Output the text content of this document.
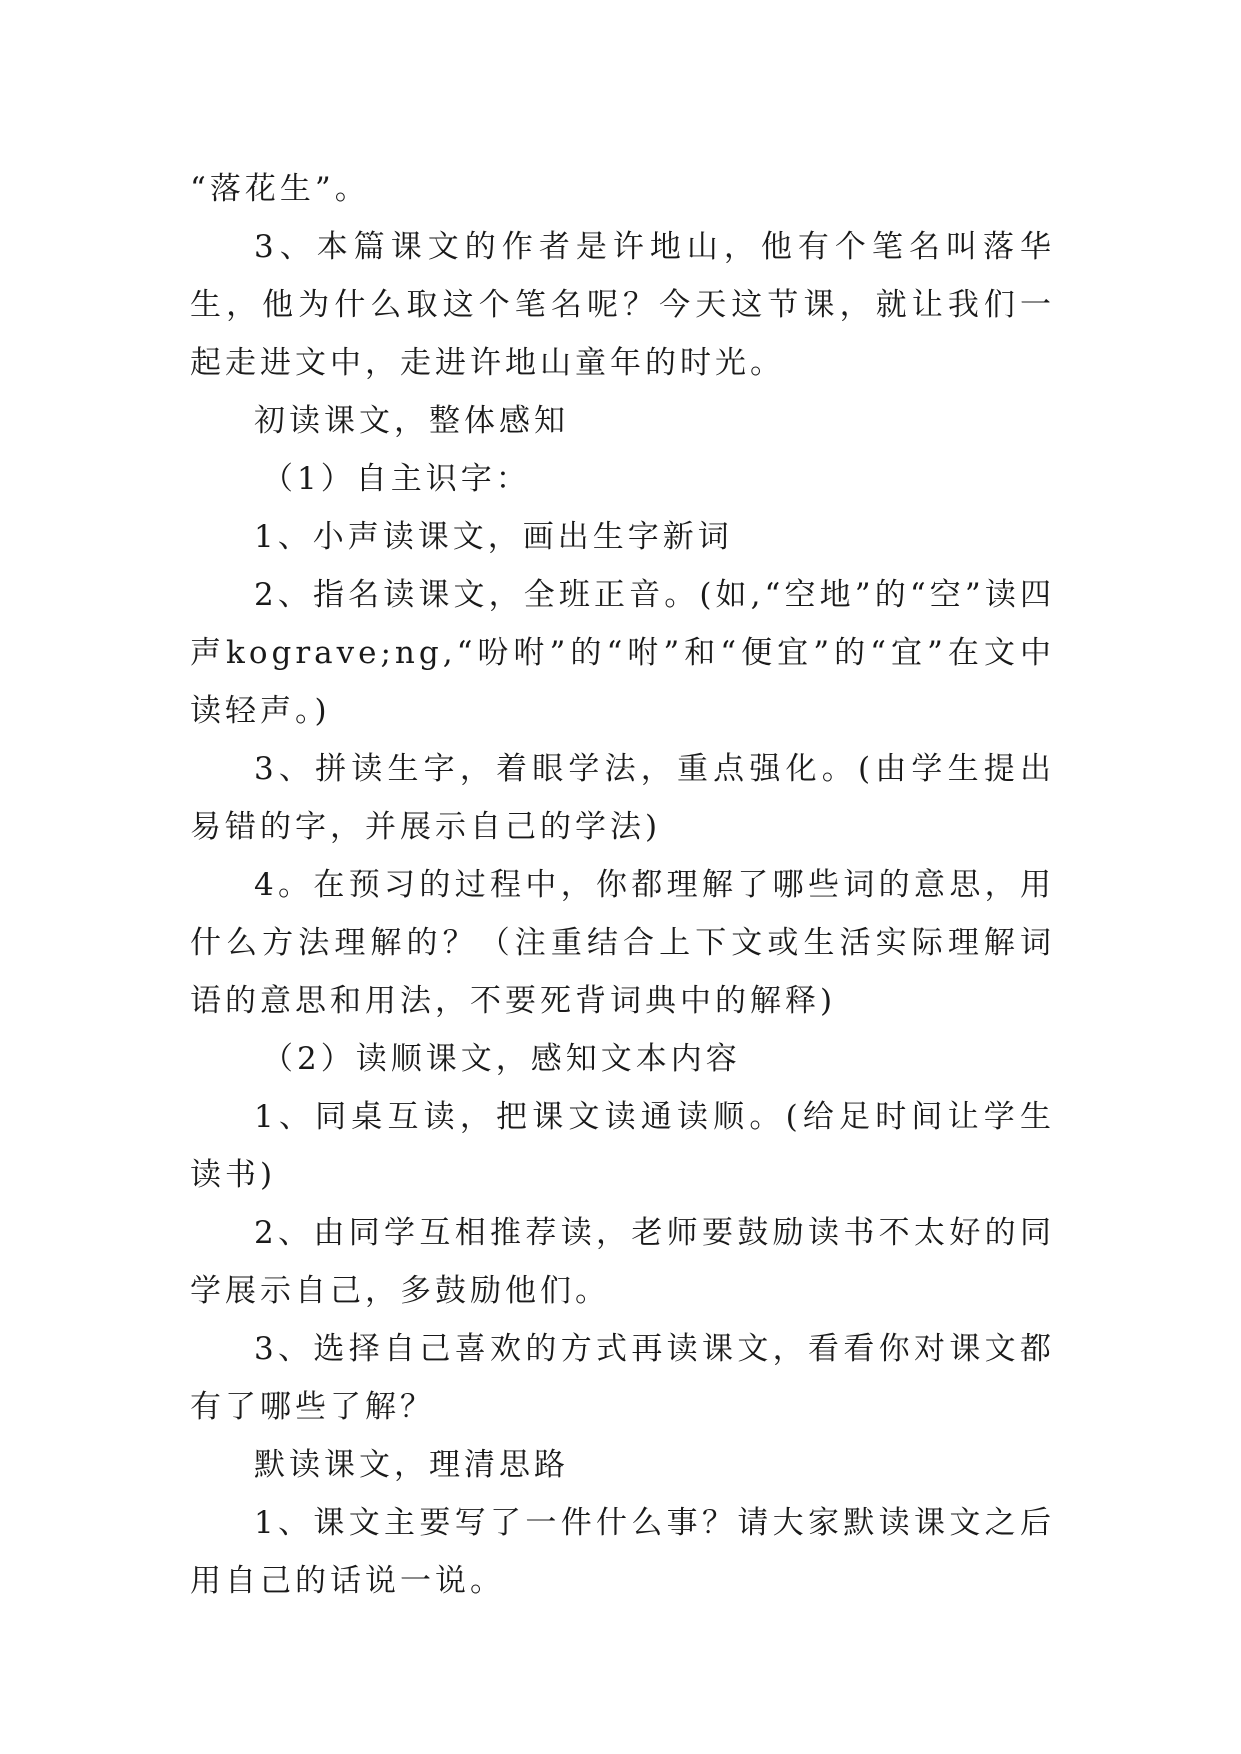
“落花生”。

3、本篇课文的作者是许地山，他有个笔名叫落华生，他为什么取这个笔名呢？今天这节课，就让我们一起走进文中，走进许地山童年的时光。

初读课文，整体感知

（1）自主识字：

1、小声读课文，画出生字新词

2、指名读课文，全班正音。(如,“空地”的“空”读四声kograve;ng,“吩咐”的“咐”和“便宜”的“宜”在文中读轻声。)

3、拼读生字，着眼学法，重点强化。(由学生提出易错的字，并展示自己的学法)

4。在预习的过程中，你都理解了哪些词的意思，用什么方法理解的？（注重结合上下文或生活实际理解词语的意思和用法，不要死背词典中的解释)

（2）读顺课文，感知文本内容

1、同桌互读，把课文读通读顺。(给足时间让学生读书)

2、由同学互相推荐读，老师要鼓励读书不太好的同学展示自己，多鼓励他们。

3、选择自己喜欢的方式再读课文，看看你对课文都有了哪些了解？

默读课文，理清思路

1、课文主要写了一件什么事？请大家默读课文之后用自己的话说一说。
